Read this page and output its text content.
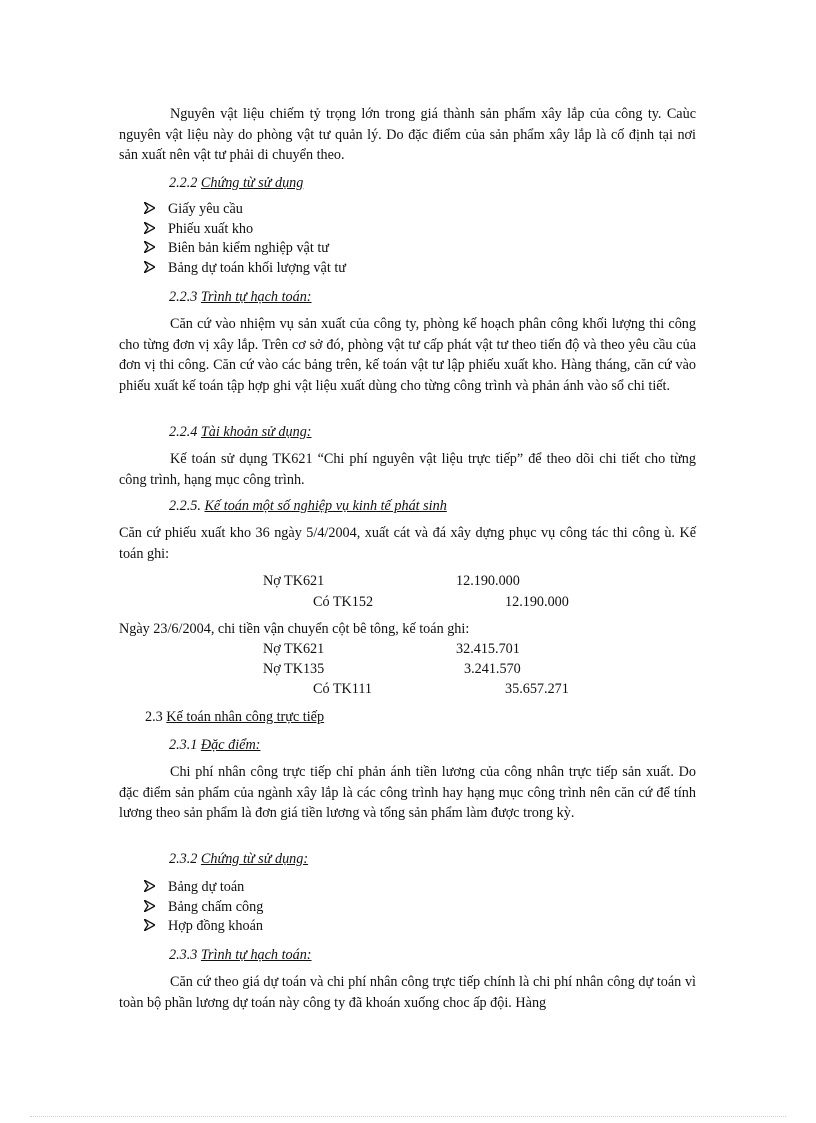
Nguyên vật liệu chiếm tỷ trọng lớn trong giá thành sản phẩm xây lắp của công ty. Caùc nguyên vật liệu này do phòng vật tư quản lý. Do đặc điểm của sản phẩm xây lắp là cố định tại nơi sản xuất nên vật tư phải di chuyển theo.

2.2.2 Chứng từ sử dụng

Giấy yêu cầu
Phiếu xuất kho
Biên bản kiểm nghiệp vật tư
Bảng dự toán khối lượng vật tư

2.2.3 Trình tự hạch toán:

Căn cứ vào nhiệm vụ sản xuất của công ty, phòng kế hoạch phân công khối lượng thi công cho từng đơn vị xây lắp. Trên cơ sở đó, phòng vật tư cấp phát vật tư theo tiến độ và theo yêu cầu của đơn vị thi công. Căn cứ vào các bảng trên, kế toán vật tư lập phiếu xuất kho. Hàng tháng, căn cứ vào phiếu xuất kế toán tập hợp ghi vật liệu xuất dùng cho từng công trình và phản ánh vào sổ chi tiết.

2.2.4 Tài khoản sử dụng:

Kế toán sử dụng TK621 “Chi phí nguyên vật liệu trực tiếp” để theo dõi chi tiết cho từng công trình, hạng mục công trình.

2.2.5. Kế toán một số nghiệp vụ kinh tế phát sinh

Căn cứ phiếu xuất kho 36 ngày 5/4/2004, xuất cát và đá xây dựng phục vụ công tác thi công ù. Kế toán ghi:

Nợ TK621	12.190.000

Có TK152	12.190.000

Ngày 23/6/2004, chi tiền vận chuyển cột bê tông, kế toán ghi:

Nợ TK621	32.415.701

Nợ TK135	3.241.570

Có TK111	35.657.271

2.3 Kế toán nhân công trực tiếp

2.3.1 Đặc điểm:

Chi phí nhân công trực tiếp chỉ phản ánh tiền lương của công nhân trực tiếp sản xuất. Do đặc điểm sản phẩm của ngành xây lắp là các công trình hay hạng mục công trình nên căn cứ để tính lương theo sản phẩm là đơn giá tiền lương và tổng sản phẩm làm được trong kỳ.

2.3.2 Chứng từ sử dụng:

Bảng dự toán
Bảng chấm công
Hợp đồng khoán

2.3.3 Trình tự hạch toán:

Căn cứ theo giá dự toán và chi phí nhân công trực tiếp chính là chi phí nhân công dự toán vì toàn bộ phần lương dự toán này công ty đã khoán xuống choc ấp đội. Hàng
